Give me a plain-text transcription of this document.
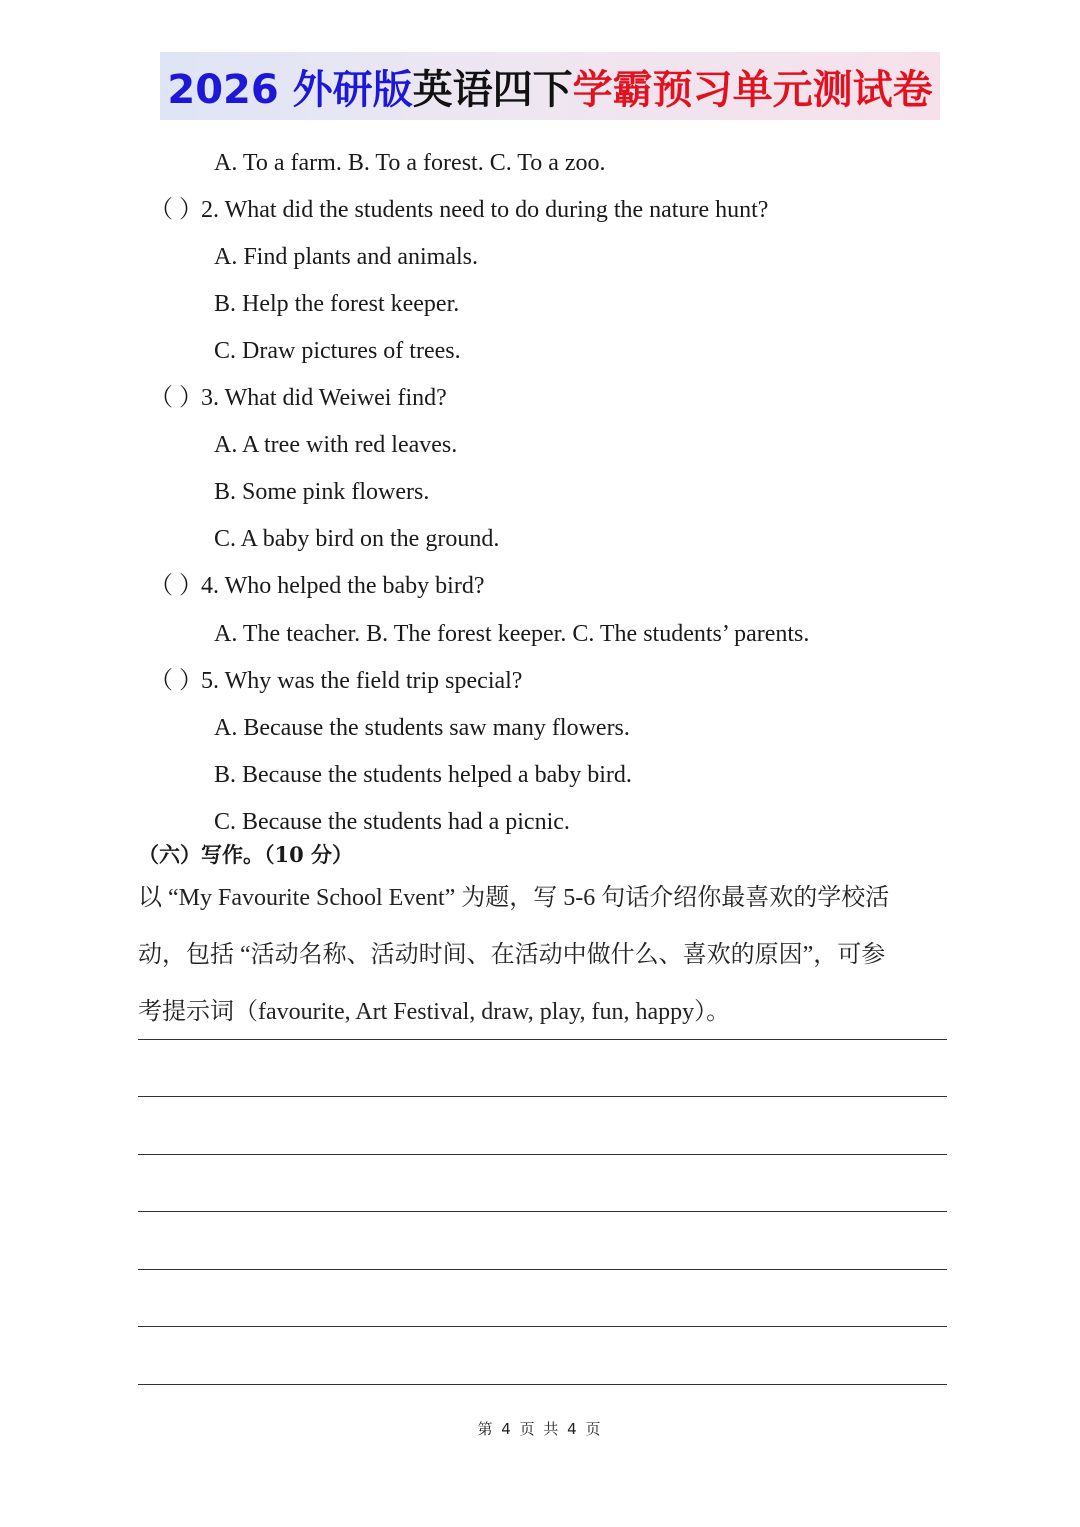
2026 外研版 英语四下 学霸预习单元测试卷
A. To a farm. B. To a forest. C. To a zoo.
（ ）2. What did the students need to do during the nature hunt?
A. Find plants and animals.
B. Help the forest keeper.
C. Draw pictures of trees.
（ ）3. What did Weiwei find?
A. A tree with red leaves.
B. Some pink flowers.
C. A baby bird on the ground.
（ ）4. Who helped the baby bird?
A. The teacher. B. The forest keeper. C. The students’ parents.
（ ）5. Why was the field trip special?
A. Because the students saw many flowers.
B. Because the students helped a baby bird.
C. Because the students had a picnic.
（六）写作。（10 分）
以 “My Favourite School Event” 为题，写 5-6 句话介绍你最喜欢的学校活
动，包括 “活动名称、活动时间、在活动中做什么、喜欢的原因”，可参
考提示词（favourite, Art Festival, draw, play, fun, happy）。
第 4 页 共 4 页
